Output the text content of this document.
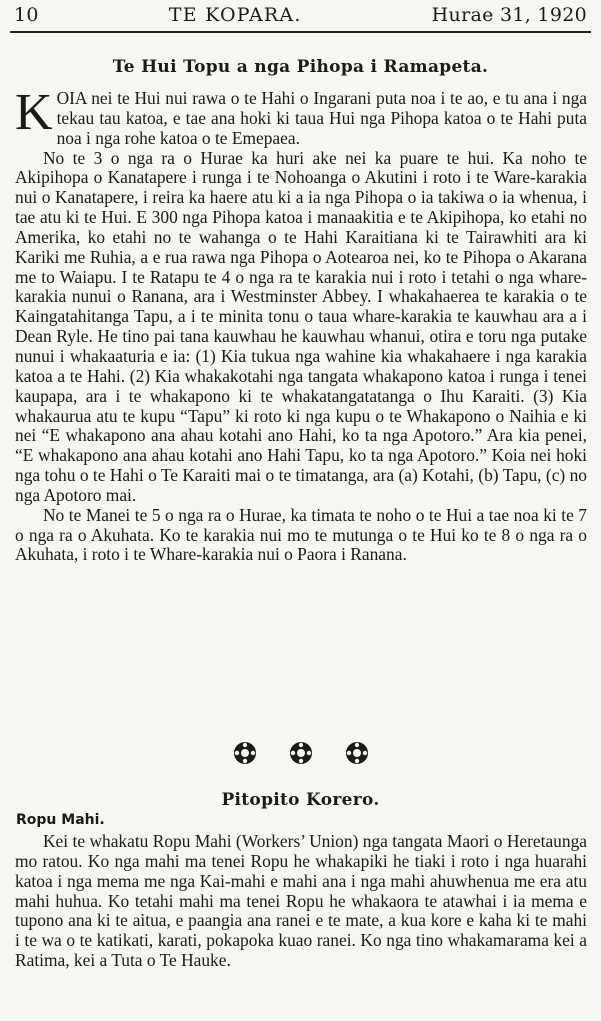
10	TE KOPARA.	Hurae 31, 1920
Te Hui Topu a nga Pihopa i Ramapeta.

KOIA nei te Hui nui rawa o te Hahi o Ingarani puta noa i te ao, e tu ana i nga tekau tau katoa, e tae ana hoki ki taua Hui nga Pihopa katoa o te Hahi puta noa i nga rohe katoa o te Emepaea.

No te 3 o nga ra o Hurae ka huri ake nei ka puare te hui. Ka noho te Akipihopa o Kanatapere i runga i te Nohoanga o Akutini i roto i te Ware-karakia nui o Kanatapere, i reira ka haere atu ki a ia nga Pihopa o ia takiwa o ia whenua, i tae atu ki te Hui. E 300 nga Pihopa katoa i manaakitia e te Akipihopa, ko etahi no Amerika, ko etahi no te wahanga o te Hahi Karaitiana ki te Tairawhiti ara ki Kariki me Ruhia, a e rua rawa nga Pihopa o Aotearoa nei, ko te Pihopa o Akarana me to Waiapu. I te Ratapu te 4 o nga ra te karakia nui i roto i tetahi o nga whare-karakia nunui o Ranana, ara i Westminster Abbey. I whakahaerea te karakia o te Kaingatahitanga Tapu, a i te minita tonu o taua whare-karakia te kauwhau ara a i Dean Ryle. He tino pai tana kauwhau he kauwhau whanui, otira e toru nga putake nunui i whakaaturia e ia: (1) Kia tukua nga wahine kia whakahaere i nga karakia katoa a te Hahi. (2) Kia whakakotahi nga tangata whakapono katoa i runga i tenei kaupapa, ara i te whakapono ki te whakatangatatanga o Ihu Karaiti. (3) Kia whakaurua atu te kupu “Tapu” ki roto ki nga kupu o te Whakapono o Naihia e ki nei “E whakapono ana ahau kotahi ano Hahi, ko ta nga Apotoro.” Ara kia penei, “E whakapono ana ahau kotahi ano Hahi Tapu, ko ta nga Apotoro.” Koia nei hoki nga tohu o te Hahi o Te Karaiti mai o te timatanga, ara (a) Kotahi, (b) Tapu, (c) no nga Apotoro mai.

No te Manei te 5 o nga ra o Hurae, ka timata te noho o te Hui a tae noa ki te 7 o nga ra o Akuhata. Ko te karakia nui mo te mutunga o te Hui ko te 8 o nga ra o Akuhata, i roto i te Whare-karakia nui o Paora i Ranana.

Pitopito Korero.
Ropu Mahi.

Kei te whakatu Ropu Mahi (Workers’ Union) nga tangata Maori o Heretaunga mo ratou. Ko nga mahi ma tenei Ropu he whakapiki he tiaki i roto i nga huarahi katoa i nga mema me nga Kai-mahi e mahi ana i nga mahi ahuwhenua me era atu mahi huhua. Ko tetahi mahi ma tenei Ropu he whakaora te atawhai i ia mema e tupono ana ki te aitua, e paangia ana ranei e te mate, a kua kore e kaha ki te mahi i te wa o te katikati, karati, pokapoka kuao ranei. Ko nga tino whakamarama kei a Ratima, kei a Tuta o Te Hauke.
